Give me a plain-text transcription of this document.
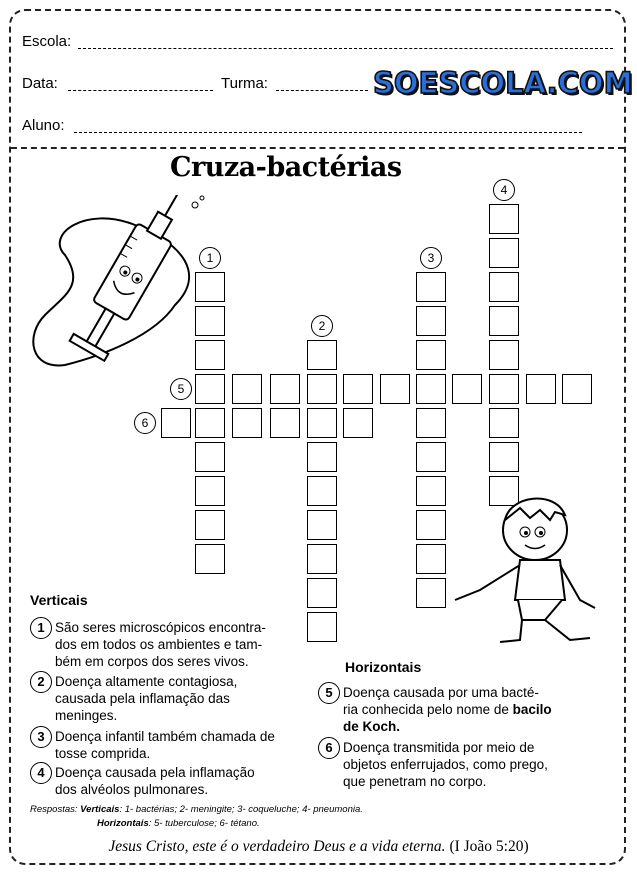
Escola:
Data:	Turma:	SOESCOLA.COM
Aluno:
Cruza-bactérias
1
2
3
4
5
6
Verticais
1 São seres microscópicos encontra-
dos em todos os ambientes e tam-
bém em corpos dos seres vivos.
2 Doença altamente contagiosa,
causada pela inflamação das
meninges.
3 Doença infantil também chamada de
tosse comprida.
4 Doença causada pela inflamação
dos alvéolos pulmonares.
Horizontais
5 Doença causada por uma bacté-
ria conhecida pelo nome de bacilo
de Koch.
6 Doença transmitida por meio de
objetos enferrujados, como prego,
que penetram no corpo.
Respostas: Verticais: 1- bactérias; 2- meningite; 3- coqueluche; 4- pneumonia.
Horizontais: 5- tuberculose; 6- tétano.
Jesus Cristo, este é o verdadeiro Deus e a vida eterna. (I João 5:20)
